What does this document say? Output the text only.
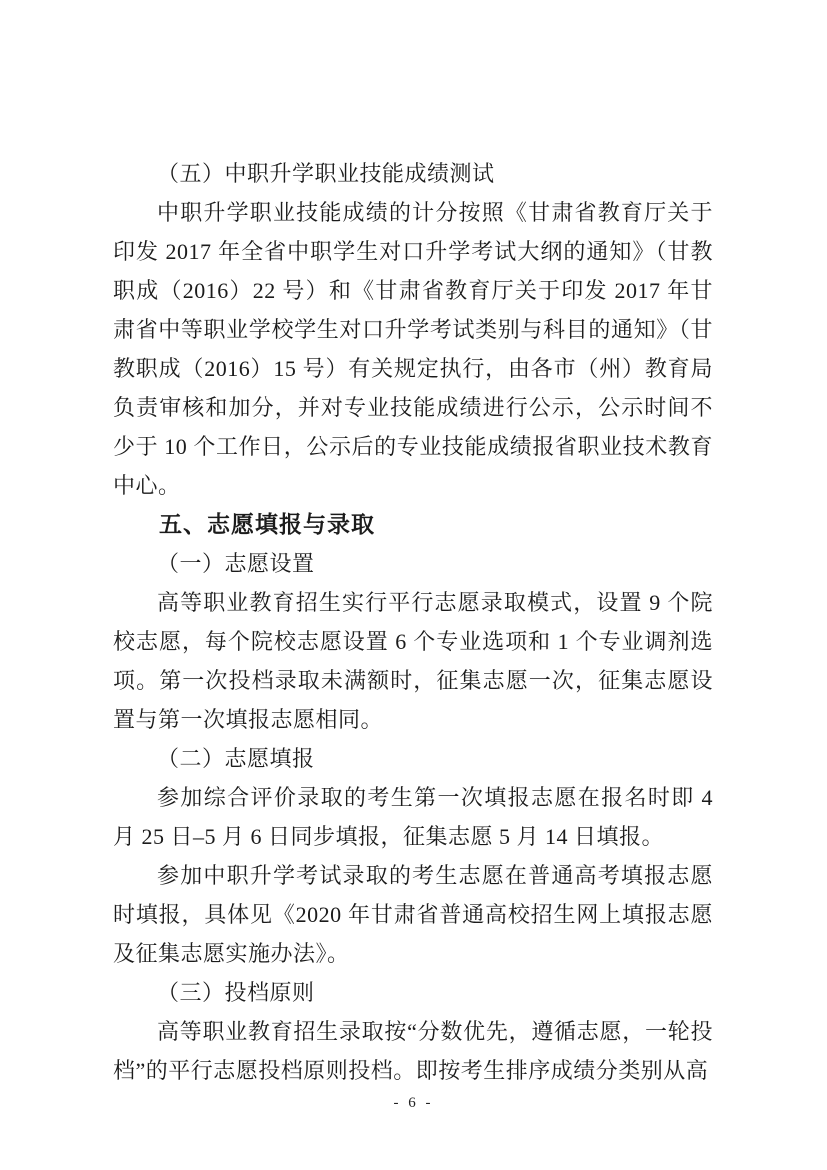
（五）中职升学职业技能成绩测试

中职升学职业技能成绩的计分按照《甘肃省教育厅关于印发 2017 年全省中职学生对口升学考试大纲的通知》（甘教职成（2016）22 号）和《甘肃省教育厅关于印发 2017 年甘肃省中等职业学校学生对口升学考试类别与科目的通知》（甘教职成（2016）15 号）有关规定执行，由各市（州）教育局负责审核和加分，并对专业技能成绩进行公示，公示时间不少于 10 个工作日，公示后的专业技能成绩报省职业技术教育中心。

五、志愿填报与录取

（一）志愿设置

高等职业教育招生实行平行志愿录取模式，设置 9 个院校志愿，每个院校志愿设置 6 个专业选项和 1 个专业调剂选项。第一次投档录取未满额时，征集志愿一次，征集志愿设置与第一次填报志愿相同。

（二）志愿填报

参加综合评价录取的考生第一次填报志愿在报名时即 4 月 25 日–5 月 6 日同步填报，征集志愿 5 月 14 日填报。

参加中职升学考试录取的考生志愿在普通高考填报志愿时填报，具体见《2020 年甘肃省普通高校招生网上填报志愿及征集志愿实施办法》。

（三）投档原则

高等职业教育招生录取按“分数优先，遵循志愿，一轮投档”的平行志愿投档原则投档。即按考生排序成绩分类别从高

- 6 -
